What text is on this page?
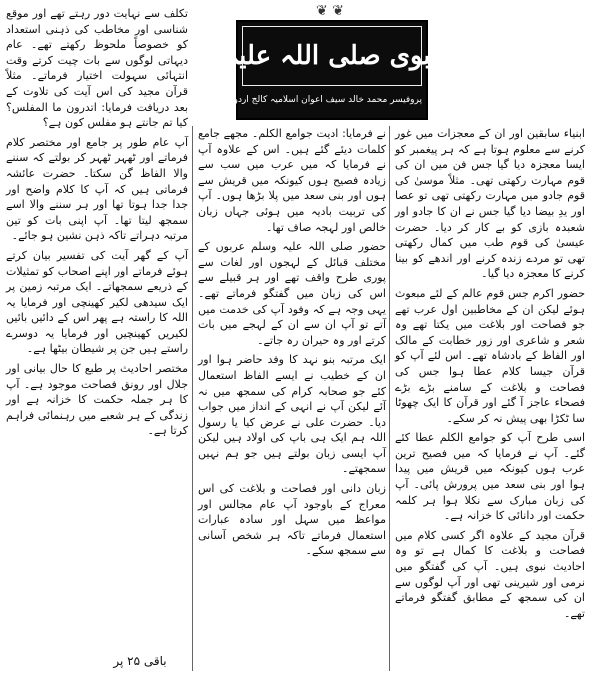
❦ ❦
بلاغتِ نبوی صلی اللہ علیہ وسلم
پروفیسر محمد خالد سیف اعوان اسلامیہ کالج اردو بازار

ابنیاء سابقین اور ان کے معجزات میں غور کرنے سے معلوم ہوتا ہے کہ ہر پیغمبر کو ایسا معجزہ دیا گیا جس فن میں ان کی قوم مہارت رکھتی تھی۔ مثلاً موسیٰ کی قوم جادو میں مہارت رکھتی تھی تو عصا اور یدِ بیضا دیا گیا جس نے ان کا جادو اور شعبدہ بازی کو بے کار کر دیا۔ حضرت عیسیٰ کی قوم طب میں کمال رکھتی تھی تو مردے زندہ کرنے اور اندھے کو بینا کرنے کا معجزہ دیا گیا۔

حضور اکرم جس قوم عالم کے لئے مبعوث ہوئے لیکن ان کے مخاطبین اول عرب تھے جو فصاحت اور بلاغت میں یکتا تھے وہ شعر و شاعری اور زور خطابت کے مالک اور الفاظ کے بادشاہ تھے۔ اس لئے آپ کو قرآن جیسا کلام عطا ہوا جس کی فصاحت و بلاغت کے سامنے بڑے بڑے فصحاء عاجز آ گئے اور قرآن کا ایک چھوٹا سا ٹکڑا بھی پیش نہ کر سکے۔

اسی طرح آپ کو جوامع الکلم عطا کئے گئے۔ آپ نے فرمایا کہ میں فصیح ترین عرب ہوں کیونکہ میں قریش میں پیدا ہوا اور بنی سعد میں پرورش پائی۔ آپ کی زبان مبارک سے نکلا ہوا ہر کلمہ حکمت اور دانائی کا خزانہ ہے۔

قرآن مجید کے علاوہ اگر کسی کلام میں فصاحت و بلاغت کا کمال ہے تو وہ احادیث نبوی ہیں۔ آپ کی گفتگو میں نرمی اور شیرینی تھی اور آپ لوگوں سے ان کی سمجھ کے مطابق گفتگو فرماتے تھے۔

نے فرمایا: ادیت جوامع الکلم۔ مجھے جامع کلمات دیئے گئے ہیں۔ اس کے علاوہ آپ نے فرمایا کہ میں عرب میں سب سے زیادہ فصیح ہوں کیونکہ میں قریش سے ہوں اور بنی سعد میں پلا بڑھا ہوں۔ آپ کی تربیت بادیہ میں ہوئی جہاں زبان خالص اور لہجہ صاف تھا۔

حضور صلی اللہ علیہ وسلم عربوں کے مختلف قبائل کے لہجوں اور لغات سے پوری طرح واقف تھے اور ہر قبیلے سے اس کی زبان میں گفتگو فرماتے تھے۔ یہی وجہ ہے کہ وفود آپ کی خدمت میں آتے تو آپ ان سے ان کے لہجے میں بات کرتے اور وہ حیران رہ جاتے۔

ایک مرتبہ بنو نہد کا وفد حاضر ہوا اور ان کے خطیب نے ایسے الفاظ استعمال کئے جو صحابہ کرام کی سمجھ میں نہ آئے لیکن آپ نے انہی کے انداز میں جواب دیا۔ حضرت علی نے عرض کیا یا رسول اللہ ہم ایک ہی باپ کی اولاد ہیں لیکن آپ ایسی زبان بولتے ہیں جو ہم نہیں سمجھتے۔

زبان دانی اور فصاحت و بلاغت کی اس معراج کے باوجود آپ عام مجالس اور مواعظ میں سہل اور سادہ عبارات استعمال فرماتے تاکہ ہر شخص آسانی سے سمجھ سکے۔

تکلف سے نہایت دور رہتے تھے اور موقع شناسی اور مخاطب کی ذہنی استعداد کو خصوصاً ملحوظ رکھتے تھے۔ عام دیہاتی لوگوں سے بات چیت کرتے وقت انتہائی سہولت اختیار فرماتے۔ مثلاً قرآن مجید کی اس آیت کی تلاوت کے بعد دریافت فرمایا: اتدرون ما المفلس؟ کیا تم جانتے ہو مفلس کون ہے؟

آپ عام طور پر جامع اور مختصر کلام فرماتے اور ٹھہر ٹھہر کر بولتے کہ سننے والا الفاظ گن سکتا۔ حضرت عائشہ فرماتی ہیں کہ آپ کا کلام واضح اور جدا جدا ہوتا تھا اور ہر سننے والا اسے سمجھ لیتا تھا۔ آپ اپنی بات کو تین مرتبہ دہراتے تاکہ ذہن نشین ہو جائے۔

آپ کے گھر آیت کی تفسیر بیان کرتے ہوئے فرماتے اور اپنے اصحاب کو تمثیلات کے ذریعے سمجھاتے۔ ایک مرتبہ زمین پر ایک سیدھی لکیر کھینچی اور فرمایا یہ اللہ کا راستہ ہے پھر اس کے دائیں بائیں لکیریں کھینچیں اور فرمایا یہ دوسرے راستے ہیں جن پر شیطان بیٹھا ہے۔

مختصر احادیث پر طبع کا حال بیانی اور جلال اور رونق فصاحت موجود ہے۔ آپ کا ہر جملہ حکمت کا خزانہ ہے اور زندگی کے ہر شعبے میں رہنمائی فراہم کرتا ہے۔

باقی ۲۵ پر
